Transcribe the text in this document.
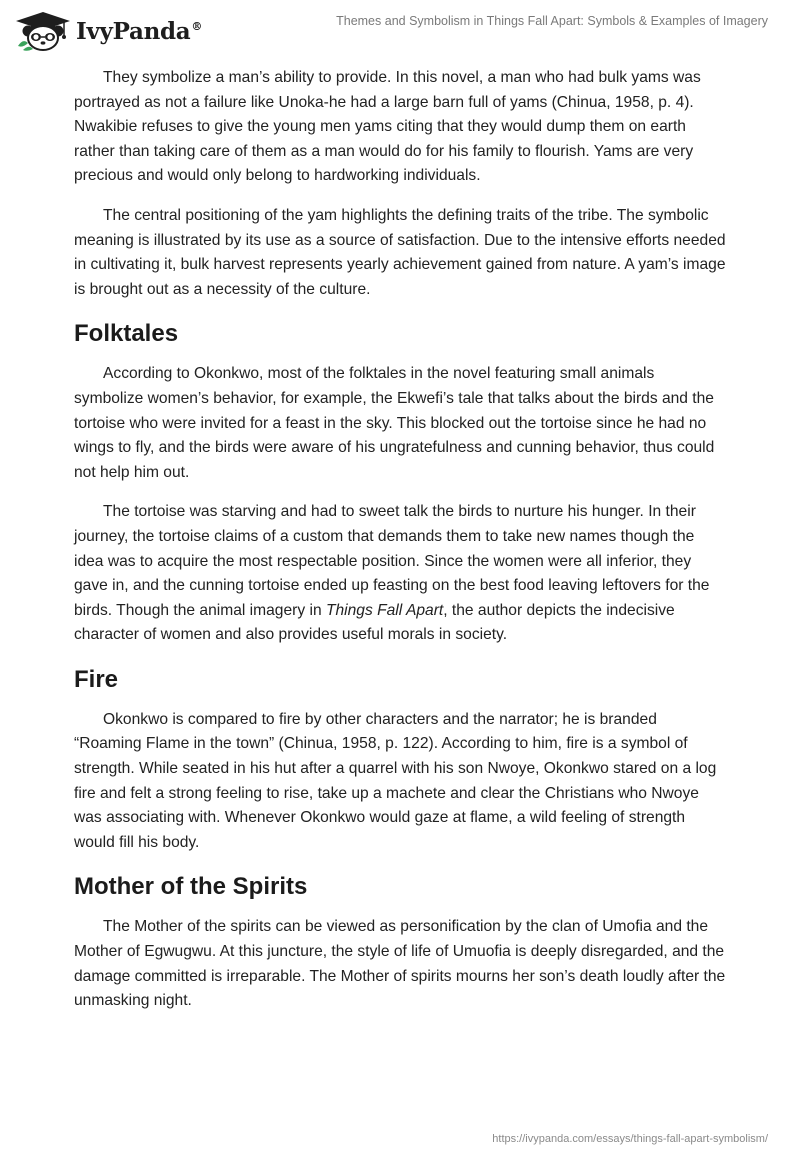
IvyPanda®	Themes and Symbolism in Things Fall Apart: Symbols & Examples of Imagery

They symbolize a man’s ability to provide. In this novel, a man who had bulk yams was portrayed as not a failure like Unoka-he had a large barn full of yams (Chinua, 1958, p. 4). Nwakibie refuses to give the young men yams citing that they would dump them on earth rather than taking care of them as a man would do for his family to flourish. Yams are very precious and would only belong to hardworking individuals.

The central positioning of the yam highlights the defining traits of the tribe. The symbolic meaning is illustrated by its use as a source of satisfaction. Due to the intensive efforts needed in cultivating it, bulk harvest represents yearly achievement gained from nature. A yam’s image is brought out as a necessity of the culture.

Folktales

According to Okonkwo, most of the folktales in the novel featuring small animals symbolize women’s behavior, for example, the Ekwefi’s tale that talks about the birds and the tortoise who were invited for a feast in the sky. This blocked out the tortoise since he had no wings to fly, and the birds were aware of his ungratefulness and cunning behavior, thus could not help him out.

The tortoise was starving and had to sweet talk the birds to nurture his hunger. In their journey, the tortoise claims of a custom that demands them to take new names though the idea was to acquire the most respectable position. Since the women were all inferior, they gave in, and the cunning tortoise ended up feasting on the best food leaving leftovers for the birds. Though the animal imagery in Things Fall Apart, the author depicts the indecisive character of women and also provides useful morals in society.

Fire

Okonkwo is compared to fire by other characters and the narrator; he is branded “Roaming Flame in the town” (Chinua, 1958, p. 122). According to him, fire is a symbol of strength. While seated in his hut after a quarrel with his son Nwoye, Okonkwo stared on a log fire and felt a strong feeling to rise, take up a machete and clear the Christians who Nwoye was associating with. Whenever Okonkwo would gaze at flame, a wild feeling of strength would fill his body.

Mother of the Spirits

The Mother of the spirits can be viewed as personification by the clan of Umofia and the Mother of Egwugwu. At this juncture, the style of life of Umuofia is deeply disregarded, and the damage committed is irreparable. The Mother of spirits mourns her son’s death loudly after the unmasking night.

https://ivypanda.com/essays/things-fall-apart-symbolism/
